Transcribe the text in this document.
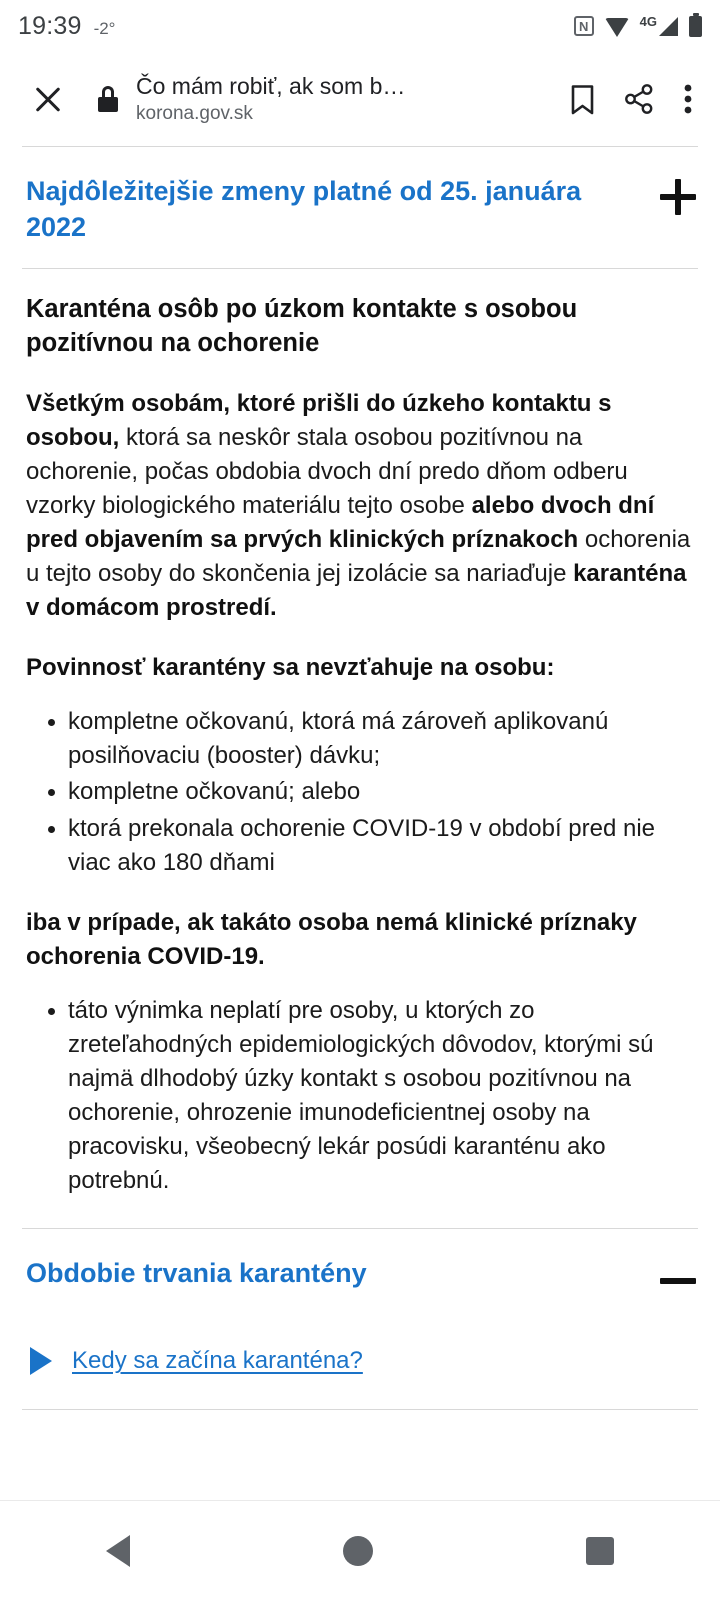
19:39 -2°	N	4G
Čo mám robiť, ak som b…
korona.gov.sk
Najdôležitejšie zmeny platné od 25. januára 2022
Karanténa osôb po úzkom kontakte s osobou pozitívnou na ochorenie

Všetkým osobám, ktoré prišli do úzkeho kontaktu s osobou, ktorá sa neskôr stala osobou pozitívnou na ochorenie, počas obdobia dvoch dní predo dňom odberu vzorky biologického materiálu tejto osobe alebo dvoch dní pred objavením sa prvých klinických príznakoch ochorenia u tejto osoby do skončenia jej izolácie sa nariaďuje karanténa v domácom prostredí.

Povinnosť karantény sa nevzťahuje na osobu:

• kompletne očkovanú, ktorá má zároveň aplikovanú posilňovaciu (booster) dávku;
• kompletne očkovanú; alebo
• ktorá prekonala ochorenie COVID-19 v období pred nie viac ako 180 dňami

iba v prípade, ak takáto osoba nemá klinické príznaky ochorenia COVID-19.

• táto výnimka neplatí pre osoby, u ktorých zo zreteľahodných epidemiologických dôvodov, ktorými sú najmä dlhodobý úzky kontakt s osobou pozitívnou na ochorenie, ohrozenie imunodeficientnej osoby na pracovisku, všeobecný lekár posúdi karanténu ako potrebnú.
Obdobie trvania karantény
Kedy sa začína karanténa?
